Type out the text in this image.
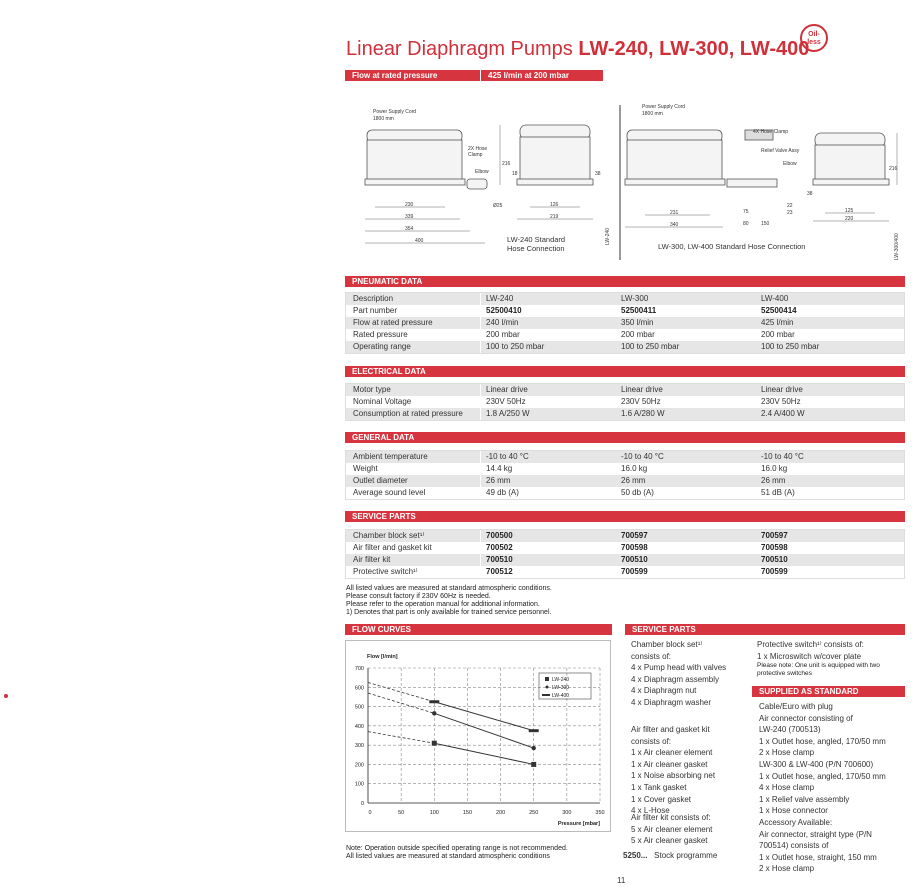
Linear Diaphragm Pumps LW-240, LW-300, LW-400
Oil-less
Flow at rated pressure	425 l/min at 200 mbar
Power Supply Cord
1800 mm
2X Hose
Clamp
Elbow
230
339
354
400
Ø25
216
18	38
126
219
LW-240
Power Supply Cord
1800 mm
4X Hose Clamp
Relief Valve Assy
Elbow
231
340
75
80 150
22
23
38
125
220
216
LW-300/400
LW-240 Standard
Hose Connection	LW-300, LW-400 Standard Hose Connection
PNEUMATIC DATA
Description	LW-240	LW-300	LW-400
Part number	52500410	52500411	52500414
Flow at rated pressure	240 l/min	350 l/min	425 l/min
Rated pressure	200 mbar	200 mbar	200 mbar
Operating range	100 to 250 mbar	100 to 250 mbar	100 to 250 mbar
ELECTRICAL DATA
Motor type	Linear drive	Linear drive	Linear drive
Nominal Voltage	230V 50Hz	230V 50Hz	230V 50Hz
Consumption at rated pressure	1.8 A/250 W	1.6 A/280 W	2.4 A/400 W
GENERAL DATA
Ambient temperature	-10 to 40 °C	-10 to 40 °C	-10 to 40 °C
Weight	14.4 kg	16.0 kg	16.0 kg
Outlet diameter	26 mm	26 mm	26 mm
Average sound level	49 db (A)	50 db (A)	51 dB (A)
SERVICE PARTS
Chamber block set¹⁾	700500	700597	700597
Air filter and gasket kit	700502	700598	700598
Air filter kit	700510	700510	700510
Protective switch¹⁾	700512	700599	700599
All listed values are measured at standard atmospheric conditions.
Please consult factory if 230V 60Hz is needed.
Please refer to the operation manual for additional information.
1) Denotes that part is only available for trained service personnel.
FLOW CURVES
0	50	100	150	200	250	300	350
0
100
200
300
400
500
600
700
Flow [l/min]
Pressure [mbar]
LW-240
LW-300
LW-400
Note: Operation outside specified operating range is not recommended.
All listed values are measured at standard atmospheric conditions
SERVICE PARTS
Chamber block set¹⁾
consists of:
4 x Pump head with valves
4 x Diaphragm assembly
4 x Diaphragm nut
4 x Diaphragm washer
Air filter and gasket kit
consists of:
1 x Air cleaner element
1 x Air cleaner gasket
1 x Noise absorbing net
1 x Tank gasket
1 x Cover gasket
4 x L-Hose
Air filter kit consists of:
5 x Air cleaner element
5 x Air cleaner gasket
5250... Stock programme
Protective switch¹⁾ consists of:
1 x Microswitch w/cover plate
Please note: One unit is equipped with two protective switches
SUPPLIED AS STANDARD
Cable/Euro with plug
Air connector consisting of
LW-240 (700513)
1 x Outlet hose, angled, 170/50 mm
2 x Hose clamp
LW-300 & LW-400 (P/N 700600)
1 x Outlet hose, angled, 170/50 mm
4 x Hose clamp
1 x Relief valve assembly
1 x Hose connector
Accessory Available:
Air connector, straight type (P/N 700514) consists of
1 x Outlet hose, straight, 150 mm
2 x Hose clamp
11
